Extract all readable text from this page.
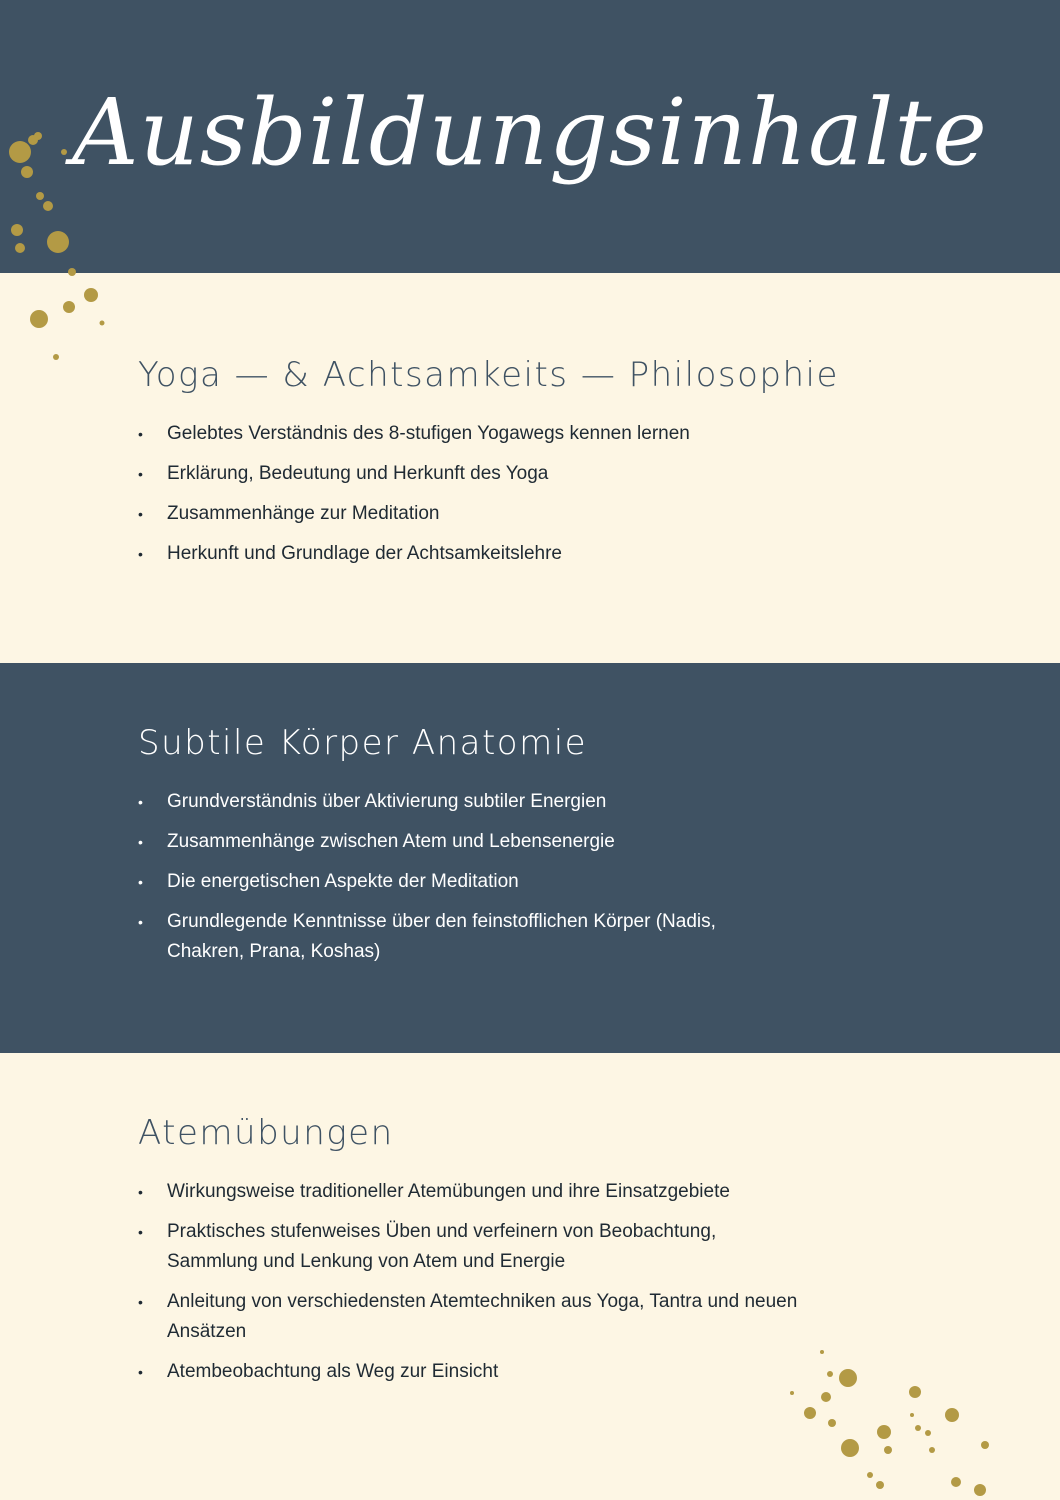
Ausbildungsinhalte
Yoga — & Achtsamkeits — Philosophie
• Gelebtes Verständnis des 8-stufigen Yogawegs kennen lernen
• Erklärung, Bedeutung und Herkunft des Yoga
• Zusammenhänge zur Meditation
• Herkunft und Grundlage der Achtsamkeitslehre
Subtile Körper Anatomie
• Grundverständnis über Aktivierung subtiler Energien
• Zusammenhänge zwischen Atem und Lebensenergie
• Die energetischen Aspekte der Meditation
• Grundlegende Kenntnisse über den feinstofflichen Körper (Nadis, Chakren, Prana, Koshas)
Atemübungen
• Wirkungsweise traditioneller Atemübungen und ihre Einsatzgebiete
• Praktisches stufenweises Üben und verfeinern von Beobachtung, Sammlung und Lenkung von Atem und Energie
• Anleitung von verschiedensten Atemtechniken aus Yoga, Tantra und neuen Ansätzen
• Atembeobachtung als Weg zur Einsicht
